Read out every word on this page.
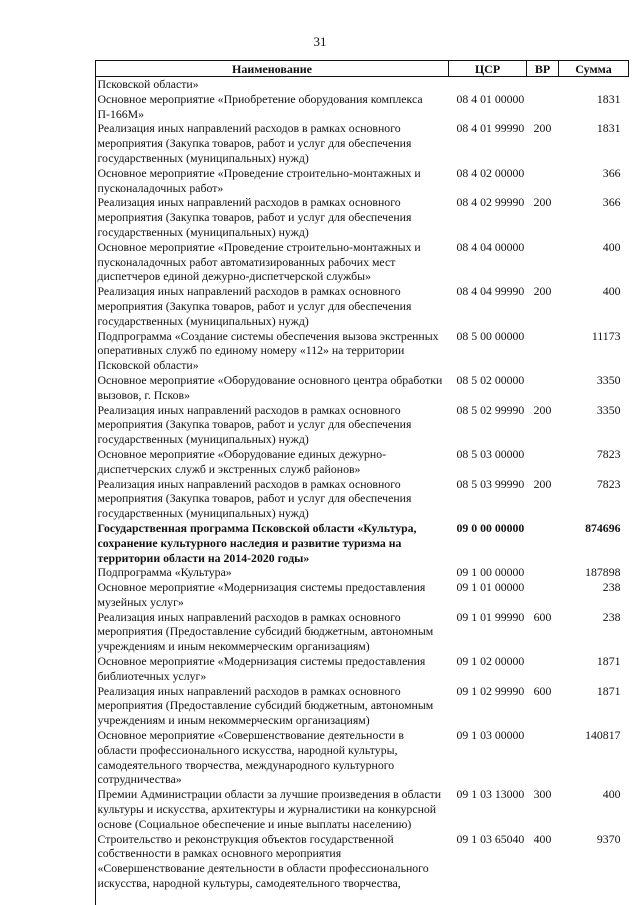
31
Наименование	ЦСР	ВР	Сумма
Псковской области»			
Основное мероприятие «Приобретение оборудования комплекса П-166М»	08 4 01 00000		1831
Реализация иных направлений расходов в рамках основного мероприятия (Закупка товаров, работ и услуг для обеспечения государственных (муниципальных) нужд)	08 4 01 99990	200	1831
Основное мероприятие «Проведение строительно-монтажных и пусконаладочных работ»	08 4 02 00000		366
Реализация иных направлений расходов в рамках основного мероприятия (Закупка товаров, работ и услуг для обеспечения государственных (муниципальных) нужд)	08 4 02 99990	200	366
Основное мероприятие «Проведение строительно-монтажных и пусконаладочных работ автоматизированных рабочих мест диспетчеров единой дежурно-диспетчерской службы»	08 4 04 00000		400
Реализация иных направлений расходов в рамках основного мероприятия (Закупка товаров, работ и услуг для обеспечения государственных (муниципальных) нужд)	08 4 04 99990	200	400
Подпрограмма «Создание системы обеспечения вызова экстренных оперативных служб по единому номеру «112» на территории Псковской области»	08 5 00 00000		11173
Основное мероприятие «Оборудование основного центра обработки вызовов, г. Псков»	08 5 02 00000		3350
Реализация иных направлений расходов в рамках основного мероприятия (Закупка товаров, работ и услуг для обеспечения государственных (муниципальных) нужд)	08 5 02 99990	200	3350
Основное мероприятие «Оборудование единых дежурно-диспетчерских служб и экстренных служб районов»	08 5 03 00000		7823
Реализация иных направлений расходов в рамках основного мероприятия (Закупка товаров, работ и услуг для обеспечения государственных (муниципальных) нужд)	08 5 03 99990	200	7823
Государственная программа Псковской области «Культура, сохранение культурного наследия и развитие туризма на территории области на 2014-2020 годы»	09 0 00 00000		874696
Подпрограмма «Культура»	09 1 00 00000		187898
Основное мероприятие «Модернизация системы предоставления музейных услуг»	09 1 01 00000		238
Реализация иных направлений расходов в рамках основного мероприятия (Предоставление субсидий бюджетным, автономным учреждениям и иным некоммерческим организациям)	09 1 01 99990	600	238
Основное мероприятие «Модернизация системы предоставления библиотечных услуг»	09 1 02 00000		1871
Реализация иных направлений расходов в рамках основного мероприятия (Предоставление субсидий бюджетным, автономным учреждениям и иным некоммерческим организациям)	09 1 02 99990	600	1871
Основное мероприятие «Совершенствование деятельности в области профессионального искусства, народной культуры, самодеятельного творчества, международного культурного сотрудничества»	09 1 03 00000		140817
Премии Администрации области за лучшие произведения в области культуры и искусства, архитектуры и журналистики на конкурсной основе (Социальное обеспечение и иные выплаты населению)	09 1 03 13000	300	400
Строительство и реконструкция объектов государственной собственности в рамках основного мероприятия «Совершенствование деятельности в области профессионального искусства, народной культуры, самодеятельного творчества,	09 1 03 65040	400	9370
